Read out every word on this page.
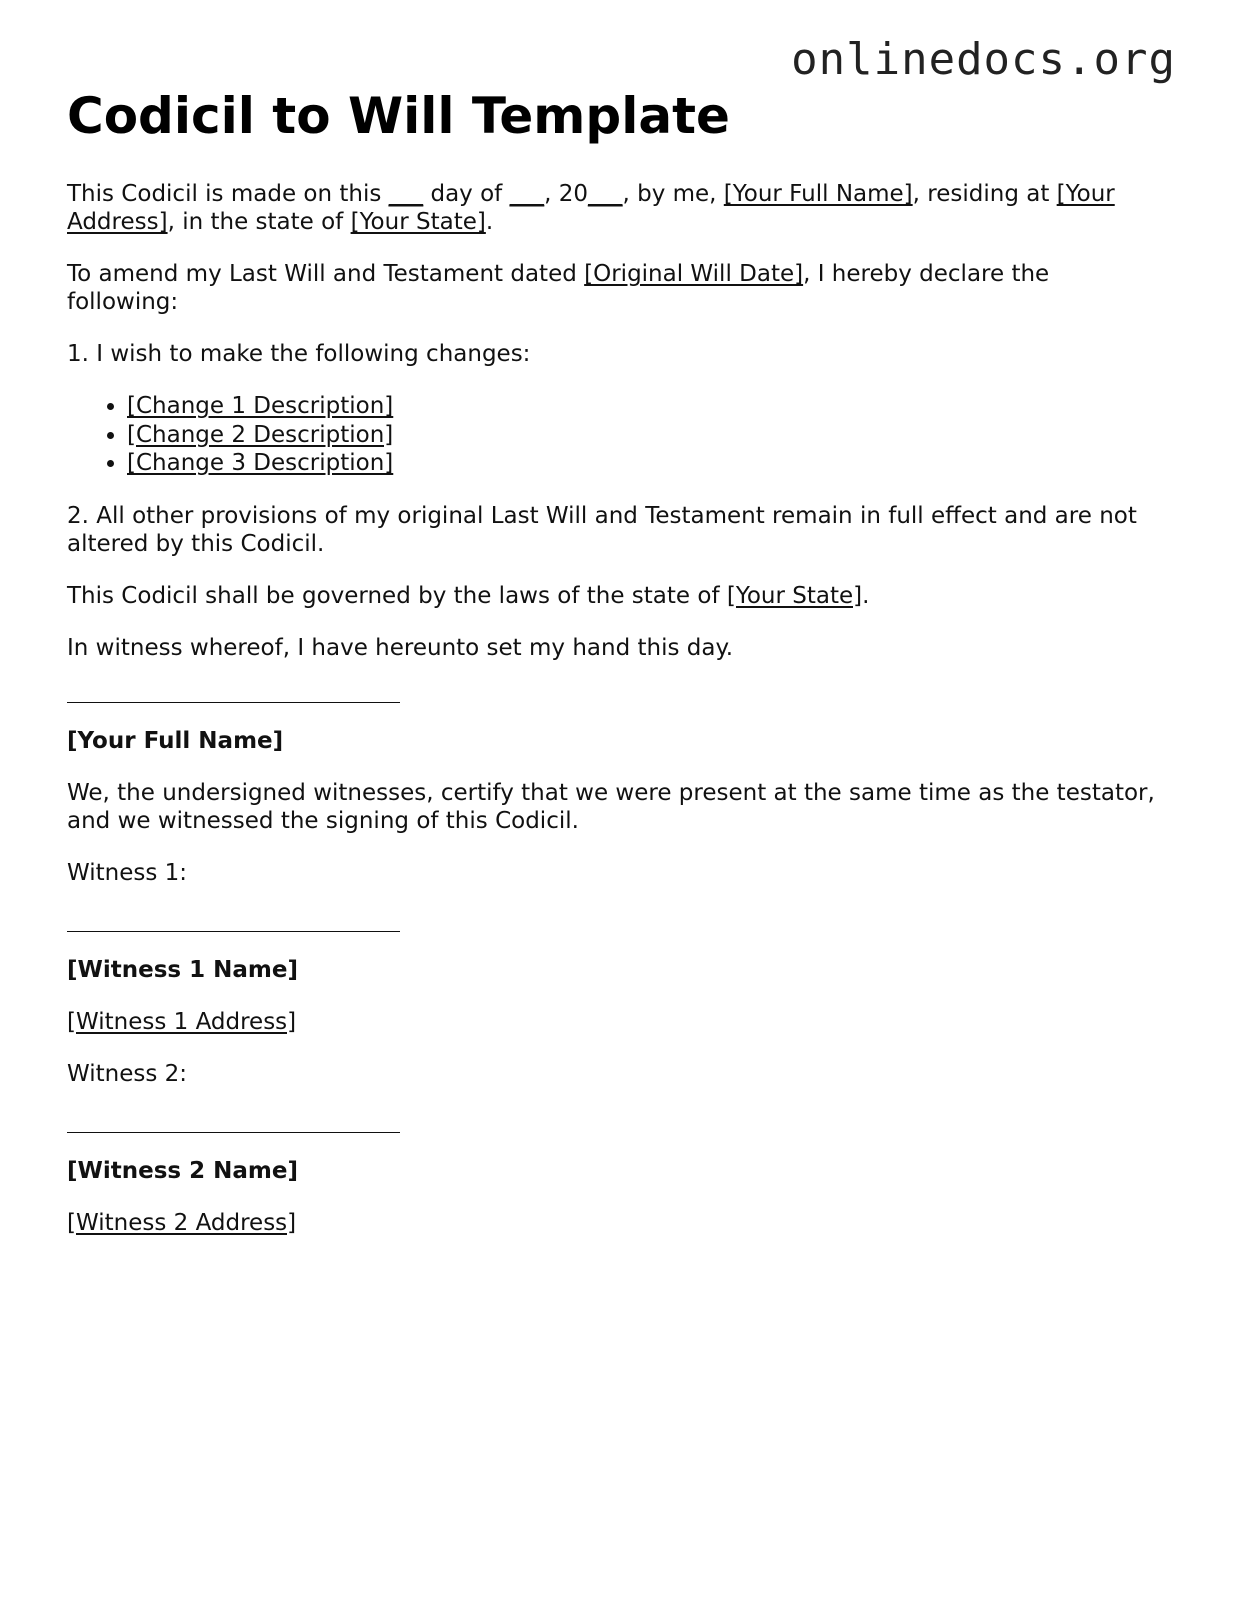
onlinedocs.org
Codicil to Will Template

This Codicil is made on this ___ day of ___, 20___, by me, [Your Full Name], residing at [Your Address], in the state of [Your State].

To amend my Last Will and Testament dated [Original Will Date], I hereby declare the following:

1. I wish to make the following changes:

• [Change 1 Description]
• [Change 2 Description]
• [Change 3 Description]

2. All other provisions of my original Last Will and Testament remain in full effect and are not altered by this Codicil.

This Codicil shall be governed by the laws of the state of [Your State].

In witness whereof, I have hereunto set my hand this day.

[Your Full Name]

We, the undersigned witnesses, certify that we were present at the same time as the testator, and we witnessed the signing of this Codicil.

Witness 1:

[Witness 1 Name]

[Witness 1 Address]

Witness 2:

[Witness 2 Name]

[Witness 2 Address]
